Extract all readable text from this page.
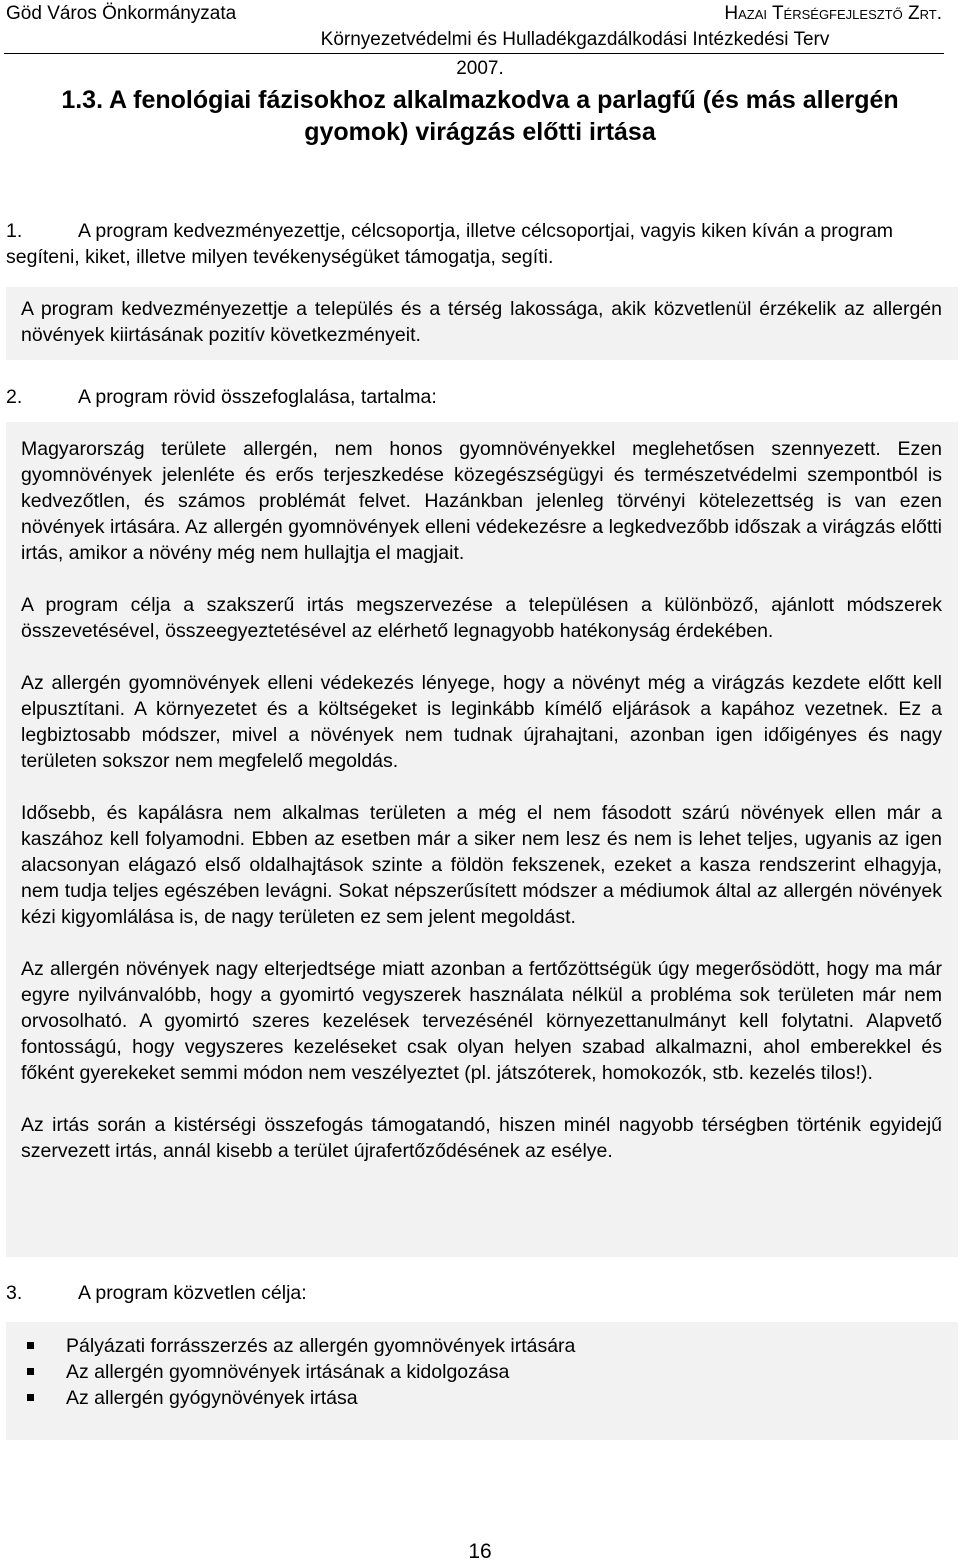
Göd Város Önkormányzata	Hazai Térségfejlesztő Zrt.
Környezetvédelmi és Hulladékgazdálkodási Intézkedési Terv
2007.
1.3. A fenológiai fázisokhoz alkalmazkodva a parlagfű (és más allergén gyomok) virágzás előtti irtása
1.	A program kedvezményezettje, célcsoportja, illetve célcsoportjai, vagyis kiken kíván a program segíteni, kiket, illetve milyen tevékenységüket támogatja, segíti.

A program kedvezményezettje a település és a térség lakossága, akik közvetlenül érzékelik az allergén növények kiirtásának pozitív következményeit.

2.	A program rövid összefoglalása, tartalma:

Magyarország területe allergén, nem honos gyomnövényekkel meglehetősen szennyezett. Ezen gyomnövények jelenléte és erős terjeszkedése közegészségügyi és természetvédelmi szempontból is kedvezőtlen, és számos problémát felvet. Hazánkban jelenleg törvényi kötelezettség is van ezen növények irtására. Az allergén gyomnövények elleni védekezésre a legkedvezőbb időszak a virágzás előtti irtás, amikor a növény még nem hullajtja el magjait.

A program célja a szakszerű irtás megszervezése a településen a különböző, ajánlott módszerek összevetésével, összeegyeztetésével az elérhető legnagyobb hatékonyság érdekében.

Az allergén gyomnövények elleni védekezés lényege, hogy a növényt még a virágzás kezdete előtt kell elpusztítani. A környezetet és a költségeket is leginkább kímélő eljárások a kapához vezetnek. Ez a legbiztosabb módszer, mivel a növények nem tudnak újrahajtani, azonban igen időigényes és nagy területen sokszor nem megfelelő megoldás.

Idősebb, és kapálásra nem alkalmas területen a még el nem fásodott szárú növények ellen már a kaszához kell folyamodni. Ebben az esetben már a siker nem lesz és nem is lehet teljes, ugyanis az igen alacsonyan elágazó első oldalhajtások szinte a földön fekszenek, ezeket a kasza rendszerint elhagyja, nem tudja teljes egészében levágni. Sokat népszerűsített módszer a médiumok által az allergén növények kézi kigyomlálása is, de nagy területen ez sem jelent megoldást.

Az allergén növények nagy elterjedtsége miatt azonban a fertőzöttségük úgy megerősödött, hogy ma már egyre nyilvánvalóbb, hogy a gyomirtó vegyszerek használata nélkül a probléma sok területen már nem orvosolható. A gyomirtó szeres kezelések tervezésénél környezettanulmányt kell folytatni. Alapvető fontosságú, hogy vegyszeres kezeléseket csak olyan helyen szabad alkalmazni, ahol emberekkel és főként gyerekeket semmi módon nem veszélyeztet (pl. játszóterek, homokozók, stb. kezelés tilos!).

Az irtás során a kistérségi összefogás támogatandó, hiszen minél nagyobb térségben történik egyidejű szervezett irtás, annál kisebb a terület újrafertőződésének az esélye.

3.	A program közvetlen célja:
Pályázati forrásszerzés az allergén gyomnövények irtására
Az allergén gyomnövények irtásának a kidolgozása
Az allergén gyógynövények irtása
16
